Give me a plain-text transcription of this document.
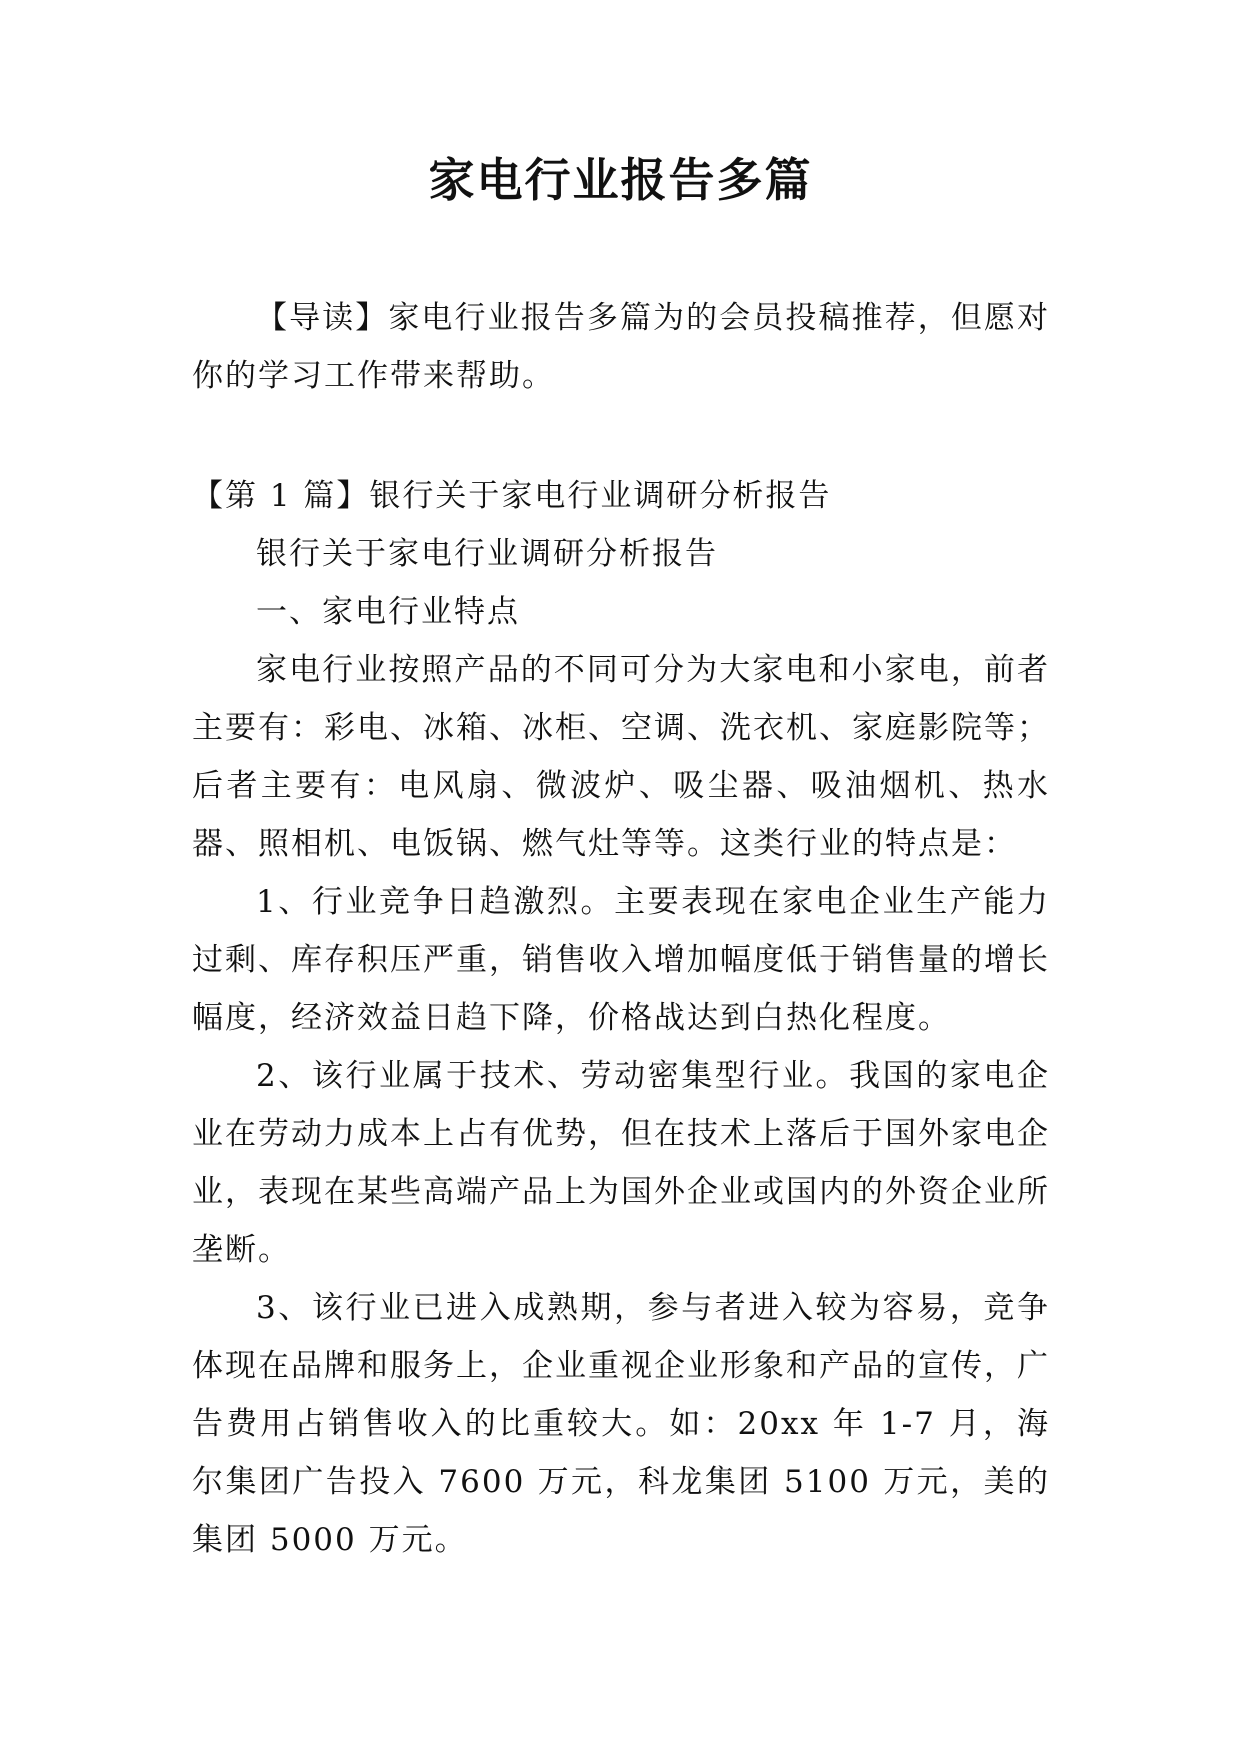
家电行业报告多篇

【导读】家电行业报告多篇为的会员投稿推荐，但愿对你的学习工作带来帮助。

【第 1 篇】银行关于家电行业调研分析报告

银行关于家电行业调研分析报告

一、家电行业特点

家电行业按照产品的不同可分为大家电和小家电，前者主要有：彩电、冰箱、冰柜、空调、洗衣机、家庭影院等；后者主要有：电风扇、微波炉、吸尘器、吸油烟机、热水器、照相机、电饭锅、燃气灶等等。这类行业的特点是：

1、行业竞争日趋激烈。主要表现在家电企业生产能力过剩、库存积压严重，销售收入增加幅度低于销售量的增长幅度，经济效益日趋下降，价格战达到白热化程度。

2、该行业属于技术、劳动密集型行业。我国的家电企业在劳动力成本上占有优势，但在技术上落后于国外家电企业，表现在某些高端产品上为国外企业或国内的外资企业所垄断。

3、该行业已进入成熟期，参与者进入较为容易，竞争体现在品牌和服务上，企业重视企业形象和产品的宣传，广告费用占销售收入的比重较大。如：20xx 年 1-7 月，海尔集团广告投入 7600 万元，科龙集团 5100 万元，美的集团 5000 万元。
